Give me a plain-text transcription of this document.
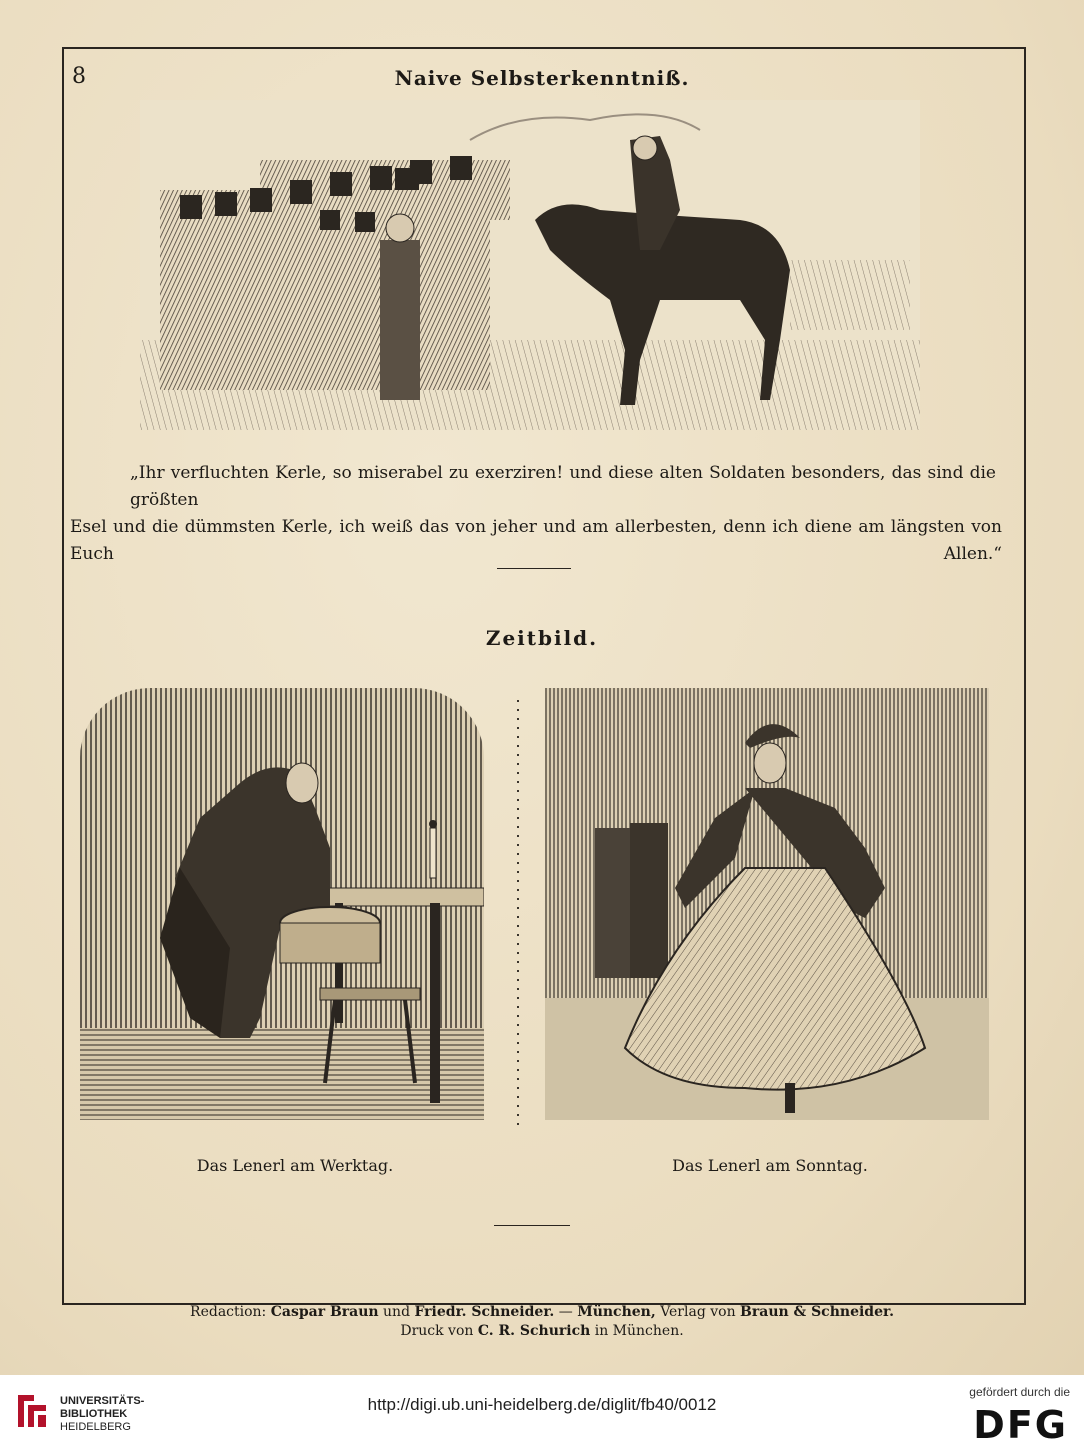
8	Naive Selbsterkenntniß.
„Ihr verfluchten Kerle, so miserabel zu exerziren! und diese alten Soldaten besonders, das sind die größten
Esel und die dümmsten Kerle, ich weiß das von jeher und am allerbesten, denn ich diene am längsten von Euch Allen.“
Zeitbild.
Das Lenerl am Werktag.	Das Lenerl am Sonntag.
Redaction: Caspar Braun und Friedr. Schneider. — München, Verlag von Braun & Schneider.
Druck von C. R. Schurich in München.
UNIVERSITÄTS-
BIBLIOTHEK
HEIDELBERG
http://digi.ub.uni-heidelberg.de/diglit/fb40/0012
gefördert durch die
DFG
